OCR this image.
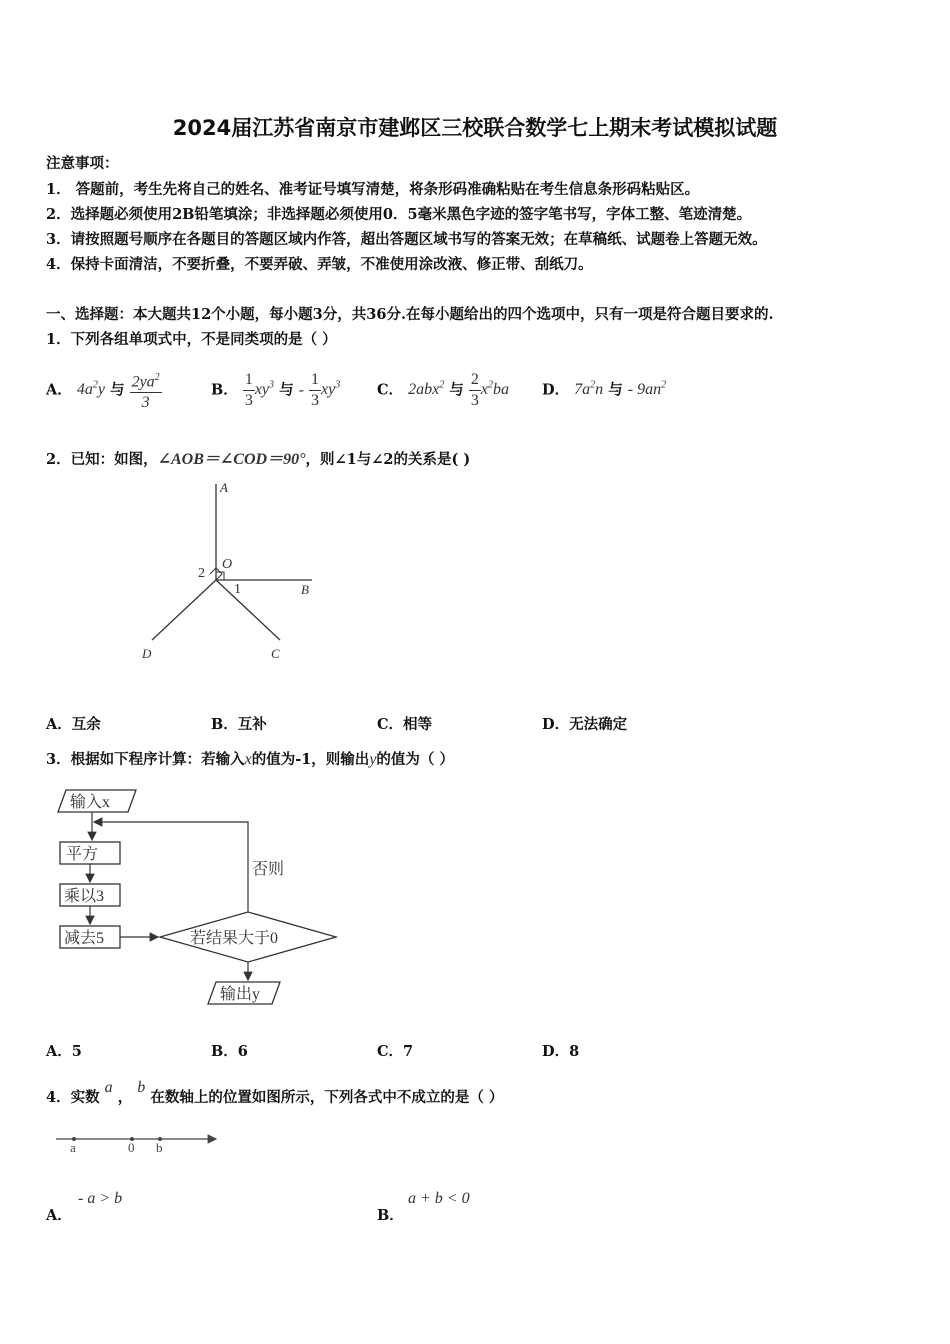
2024届江苏省南京市建邺区三校联合数学七上期末考试模拟试题
注意事项：
1． 答题前，考生先将自己的姓名、准考证号填写清楚，将条形码准确粘贴在考生信息条形码粘贴区。
2．选择题必须使用2B铅笔填涂；非选择题必须使用0．5毫米黑色字迹的签字笔书写，字体工整、笔迹清楚。
3．请按照题号顺序在各题目的答题区域内作答，超出答题区域书写的答案无效；在草稿纸、试题卷上答题无效。
4．保持卡面清洁，不要折叠，不要弄破、弄皱，不准使用涂改液、修正带、刮纸刀。
一、选择题：本大题共12个小题，每小题3分，共36分.在每小题给出的四个选项中，只有一项是符合题目要求的.
1．下列各组单项式中，不是同类项的是（ ）
A． $4a^2y$ 与 $\frac{2ya^2}{3}$	B． $\frac{1}{3} xy^3$ 与 - $\frac{1}{3} xy^3$	C． 2abx$^2$ 与 $\frac{2}{3} x^2ba$ D． $7a^2n$ 与 - $9an^2$
2．已知：如图，∠AOB＝∠COD＝90°，则∠1与∠2的关系是( )
A
O
B
C
D
1
2
A．互余	B．互补	C．相等	D．无法确定
3．根据如下程序计算：若输入x的值为-1，则输出y的值为（ ）
输入x
平方
乘以3
减去5	若结果大于0
否则
输出y
A．5	B．6	C．7	D．8
4．实数 a ， b 在数轴上的位置如图所示，下列各式中不成立的是（ ）
a	0 b
A．
- a > b
B．
a + b < 0
